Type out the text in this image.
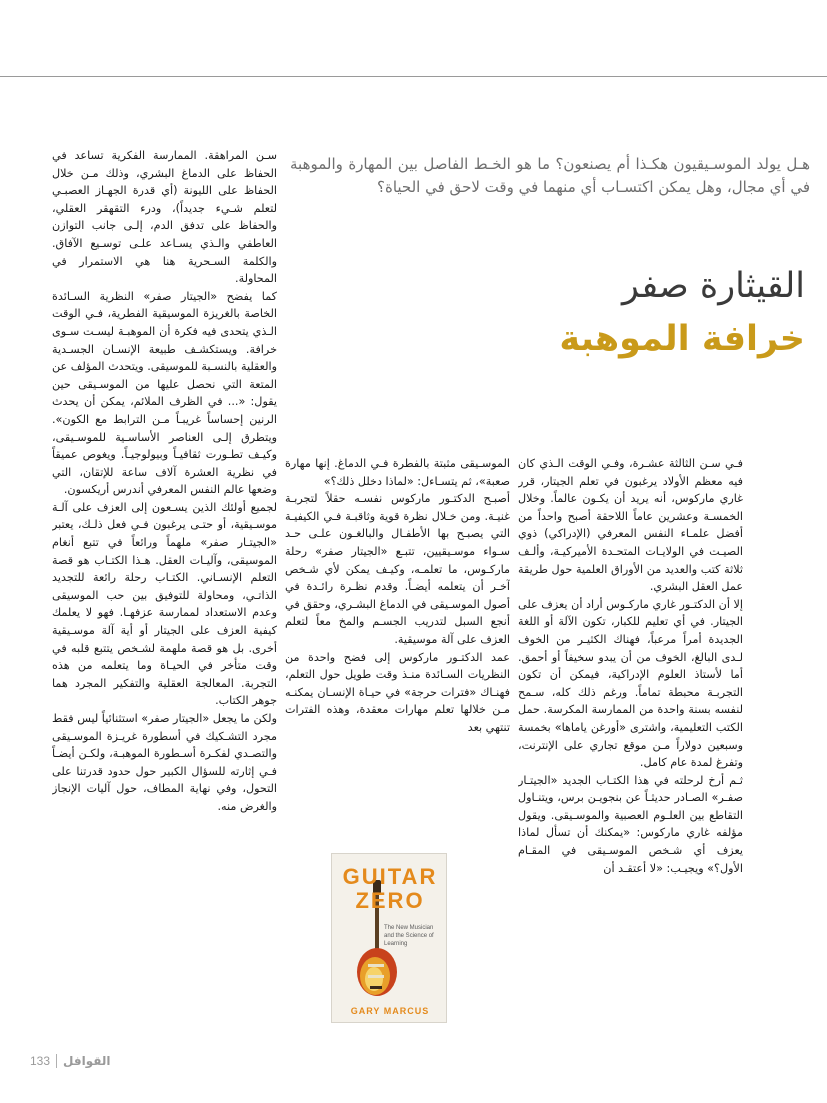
هـل يولد الموسـيقيون هكـذا أم يصنعون؟ ما هو الخـط الفاصل بين المهارة والموهبة في أي مجال، وهل يمكن اكتسـاب أي منهما في وقت لاحق في الحياة؟

القيثارة صفر
خرافة الموهبة

فـي سـن الثالثة عشـرة، وفـي الوقت الـذي كان فيه معظم الأولاد يرغبون في تعلم الجيتار، قرر غاري ماركوس، أنه يريد أن يكـون عالماً. وخلال الخمسـة وعشرين عاماً اللاحقة أصبح واحداً من أفضل علمـاء النفس المعرفي (الإدراكي) ذوي الصيـت في الولايـات المتحـدة الأميركيـة، وألـف ثلاثة كتب والعديد من الأوراق العلمية حول طريقة عمل العقل البشري.

إلا أن الدكتـور غاري ماركـوس أراد أن يعزف على الجيتار. في أي تعليم للكبار، تكون الآلة أو اللغة الجديدة أمراً مرعباً، فهناك الكثيـر من الخوف لـدى البالغ، الخوف من أن يبدو سخيفاً أو أحمق. أما لأستاذ العلوم الإدراكية، فيمكن أن تكون التجربـة محبطة تماماً. ورغم ذلك كله، سـمح لنفسه بسنة واحدة من الممارسة المكرسة. حمل الكتب التعليمية، واشترى «أورغن ياماها» بخمسة وسبعين دولاراً مـن موقع تجاري على الإنترنت، وتفرغ لمدة عام كامل.

ثـم أرخ لرحلته في هذا الكتـاب الجديد «الجيتـار صفـر» الصـادر حديثـاً عن بنجويـن برس، ويتنـاول التقاطع بين العلـوم العصبية والموسـيقى. ويقول مؤلفه غاري ماركوس: «يمكنك أن تسأل لماذا يعزف أي شـخص الموسـيقى في المقـام الأول؟» ويجيـب: «لا أعتقـد أن

الموسـيقى مثبتة بالفطرة فـي الدماغ. إنها مهارة صعبة»، ثم يتسـاءل: «لماذا دخلل ذلك؟»

أصبـح الدكتـور ماركوس نفسـه حقلاً لتجربـة غنيـة. ومن خـلال نظرة قوية وثاقبـة فـي الكيفيـة التي يصبـح بها الأطفـال والبالغـون علـى حـد سـواء موسـيقيين، تتبـع «الجيتار صفر» رحلة ماركـوس، ما تعلمـه، وكيـف يمكن لأي شـخص آخـر أن يتعلمه أيضـاً. وقدم نظـرة رائـدة في أصول الموسـيقى في الدماغ البشـري، وحقق في أنجع السبل لتدريب الجسـم والمخ معاً لتعلم العزف على آلة موسيقية.

عمد الدكتـور ماركوس إلى فضح واحدة من النظريات السـائدة منـذ وقت طويل حول التعلم، فهنـاك «فترات حرجة» في حيـاة الإنسـان يمكنـه مـن خلالها تعلم مهارات معقدة، وهذه الفترات تنتهي بعد

سـن المراهقة. الممارسة الفكرية تساعد في الحفاظ على الدماغ البشري، وذلك مـن خلال الحفاظ على الليونة (أي قدرة الجهـاز العصبـي لتعلم شـيء جديداً)، ودرء التقهقر العقلي، والحفاظ على تدفق الدم، إلـى جانب التوازن العاطفي والـذي يسـاعد علـى توسـيع الآفاق. والكلمة السـحرية هنا هي الاستمرار في المحاولة.

كما يفضح «الجيتار صفر» النظرية السـائدة الخاصة بالغريزة الموسيقية الفطرية، فـي الوقت الـذي يتحدى فيه فكرة أن الموهبـة ليسـت سـوى خرافة. ويستكشـف طبيعة الإنسـان الجسـدية والعقلية بالنسـبة للموسيقى. ويتحدث المؤلف عن المتعة التي نحصل عليها من الموسـيقى حين يقول: «... في الظرف الملائم، يمكن أن يحدث الرنين إحساساً غريبـاً مـن الترابط مع الكون». ويتطرق إلـى العناصر الأساسـية للموسـيقى، وكيـف تطـورت ثقافيـاً وبيولوجيـاً. ويغوص عميقاً في نظرية العشرة آلاف ساعة للإتقان، التي وضعها عالم النفس المعرفي أندرس أريكسون.

لجميع أولئك الذين يسـعون إلى العزف على آلـة موسـيقية، أو حتـى يرغبون فـي فعل ذلـك، يعتبر «الجيتـار صفر» ملهماً ورائعاً في تتبع أنغام الموسيقى، وآليـات العقل. هـذا الكتـاب هو قصة التعلم الإنسـاني. الكتـاب رحلة رائعة للتجديد الذاتـي، ومحاولة للتوفيق بين حب الموسيقى وعدم الاستعداد لممارسة عزفهـا. فهو لا يعلمك كيفية العزف على الجيتار أو أية آلة موسـيقية أخرى. بل هو قصة ملهمة لشـخص يتتبع قلبه في وقت متأخر في الحيـاة وما يتعلمه من هذه التجربة. المعالجة العقلية والتفكير المجرد هما جوهر الكتاب.

ولكن ما يجعل «الجيتار صفر» استثنائياً ليس فقط مجرد التشـكيك في أسطورة غريـزة الموسـيقى والتصـدي لفكـرة أسـطورة الموهبـة، ولكـن أيضـاً فـي إثارته للسؤال الكبير حول حدود قدرتنا على التحول، وفي نهاية المطاف، حول آليات الإنجاز والغرض منه.

GUITAR
ZERO
The New Musician and the Science of Learning
GARY MARCUS
133 القوافل
